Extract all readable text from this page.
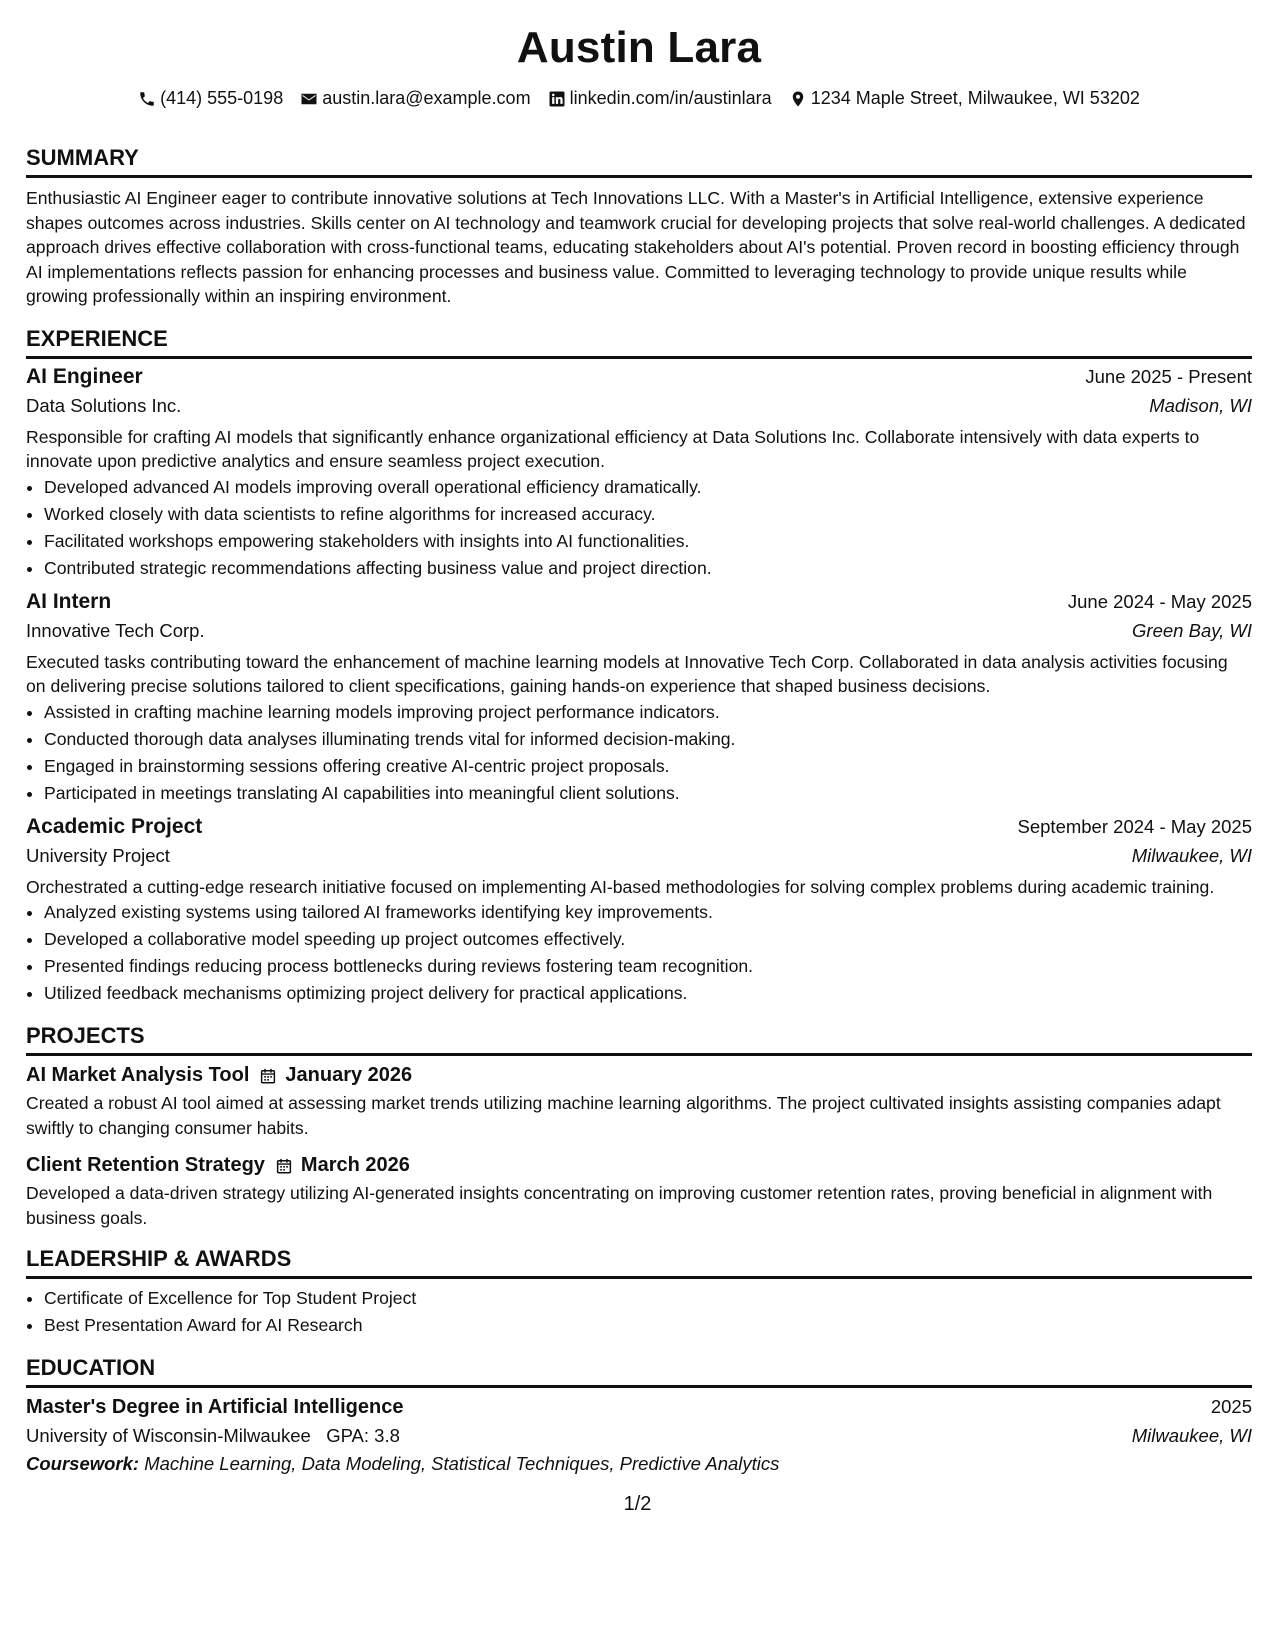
Austin Lara
(414) 555-0198 austin.lara@example.com linkedin.com/in/austinlara 1234 Maple Street, Milwaukee, WI 53202
SUMMARY
Enthusiastic AI Engineer eager to contribute innovative solutions at Tech Innovations LLC. With a Master's in Artificial Intelligence, extensive experience shapes outcomes across industries. Skills center on AI technology and teamwork crucial for developing projects that solve real-world challenges. A dedicated approach drives effective collaboration with cross-functional teams, educating stakeholders about AI's potential. Proven record in boosting efficiency through AI implementations reflects passion for enhancing processes and business value. Committed to leveraging technology to provide unique results while growing professionally within an inspiring environment.
EXPERIENCE
AI Engineer	June 2025 - Present
Data Solutions Inc.	Madison, WI
Responsible for crafting AI models that significantly enhance organizational efficiency at Data Solutions Inc. Collaborate intensively with data experts to innovate upon predictive analytics and ensure seamless project execution.
• Developed advanced AI models improving overall operational efficiency dramatically.
• Worked closely with data scientists to refine algorithms for increased accuracy.
• Facilitated workshops empowering stakeholders with insights into AI functionalities.
• Contributed strategic recommendations affecting business value and project direction.
AI Intern	June 2024 - May 2025
Innovative Tech Corp.	Green Bay, WI
Executed tasks contributing toward the enhancement of machine learning models at Innovative Tech Corp. Collaborated in data analysis activities focusing on delivering precise solutions tailored to client specifications, gaining hands-on experience that shaped business decisions.
• Assisted in crafting machine learning models improving project performance indicators.
• Conducted thorough data analyses illuminating trends vital for informed decision-making.
• Engaged in brainstorming sessions offering creative AI-centric project proposals.
• Participated in meetings translating AI capabilities into meaningful client solutions.
Academic Project	September 2024 - May 2025
University Project	Milwaukee, WI
Orchestrated a cutting-edge research initiative focused on implementing AI-based methodologies for solving complex problems during academic training.
• Analyzed existing systems using tailored AI frameworks identifying key improvements.
• Developed a collaborative model speeding up project outcomes effectively.
• Presented findings reducing process bottlenecks during reviews fostering team recognition.
• Utilized feedback mechanisms optimizing project delivery for practical applications.
PROJECTS
AI Market Analysis Tool January 2026
Created a robust AI tool aimed at assessing market trends utilizing machine learning algorithms. The project cultivated insights assisting companies adapt swiftly to changing consumer habits.
Client Retention Strategy March 2026
Developed a data-driven strategy utilizing AI-generated insights concentrating on improving customer retention rates, proving beneficial in alignment with business goals.
LEADERSHIP & AWARDS
• Certificate of Excellence for Top Student Project
• Best Presentation Award for AI Research
EDUCATION
Master's Degree in Artificial Intelligence	2025
University of Wisconsin-Milwaukee GPA: 3.8	Milwaukee, WI
Coursework: Machine Learning, Data Modeling, Statistical Techniques, Predictive Analytics
1/2
